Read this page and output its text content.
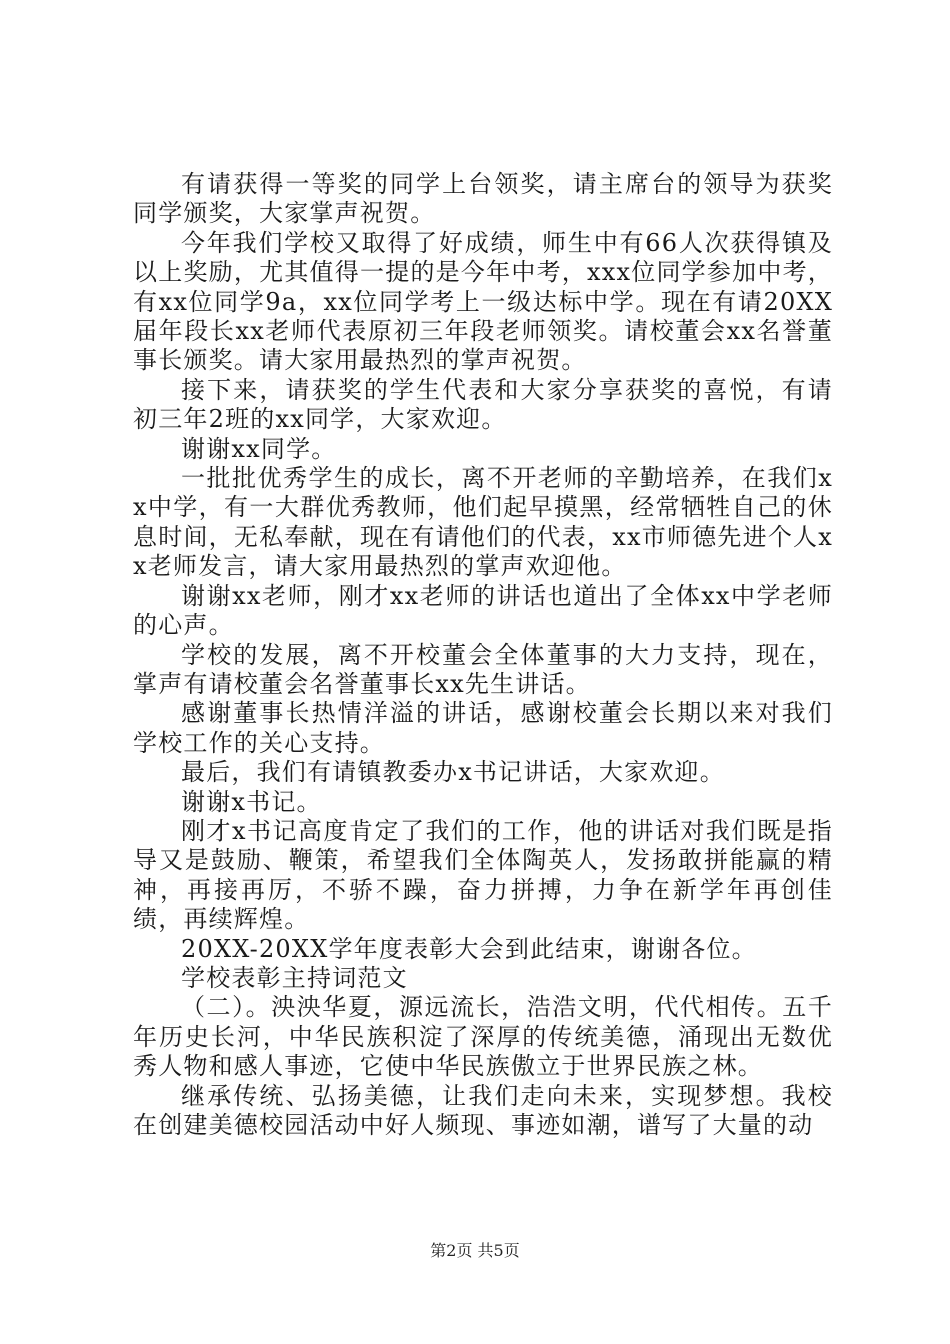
有请获得一等奖的同学上台领奖，请主席台的领导为获奖同学颁奖，大家掌声祝贺。

今年我们学校又取得了好成绩，师生中有66人次获得镇及以上奖励，尤其值得一提的是今年中考，xxx位同学参加中考，有xx位同学9a，xx位同学考上一级达标中学。现在有请20XX届年段长xx老师代表原初三年段老师领奖。请校董会xx名誉董事长颁奖。请大家用最热烈的掌声祝贺。

接下来，请获奖的学生代表和大家分享获奖的喜悦，有请初三年2班的xx同学，大家欢迎。

谢谢xx同学。

一批批优秀学生的成长，离不开老师的辛勤培养，在我们xx中学，有一大群优秀教师，他们起早摸黑，经常牺牲自己的休息时间，无私奉献，现在有请他们的代表，xx市师德先进个人xx老师发言，请大家用最热烈的掌声欢迎他。

谢谢xx老师，刚才xx老师的讲话也道出了全体xx中学老师的心声。

学校的发展，离不开校董会全体董事的大力支持，现在，掌声有请校董会名誉董事长xx先生讲话。

感谢董事长热情洋溢的讲话，感谢校董会长期以来对我们学校工作的关心支持。

最后，我们有请镇教委办x书记讲话，大家欢迎。

谢谢x书记。

刚才x书记高度肯定了我们的工作，他的讲话对我们既是指导又是鼓励、鞭策，希望我们全体陶英人，发扬敢拼能赢的精神，再接再厉，不骄不躁，奋力拼搏，力争在新学年再创佳绩，再续辉煌。

20XX-20XX学年度表彰大会到此结束，谢谢各位。

学校表彰主持词范文

（二）。泱泱华夏，源远流长，浩浩文明，代代相传。五千年历史长河，中华民族积淀了深厚的传统美德，涌现出无数优秀人物和感人事迹，它使中华民族傲立于世界民族之林。

继承传统、弘扬美德，让我们走向未来，实现梦想。我校在创建美德校园活动中好人频现、事迹如潮，谱写了大量的动

第2页 共5页
